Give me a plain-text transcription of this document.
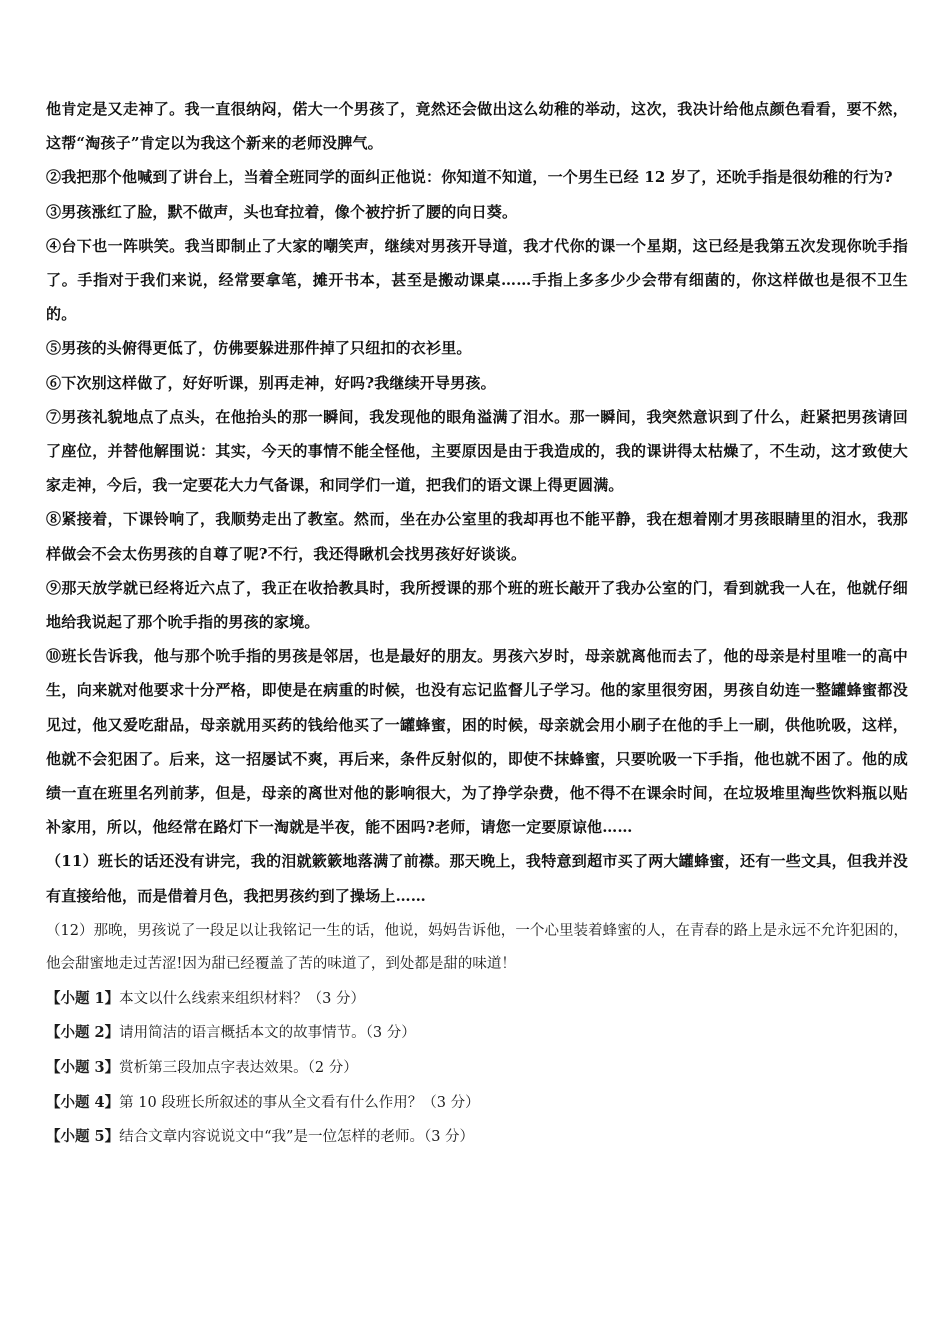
他肯定是又走神了。我一直很纳闷，偌大一个男孩了，竟然还会做出这么幼稚的举动，这次，我决计给他点颜色看看，要不然，这帮“淘孩子”肯定以为我这个新来的老师没脾气。

②我把那个他喊到了讲台上，当着全班同学的面纠正他说：你知道不知道，一个男生已经 12 岁了，还吮手指是很幼稚的行为?

③男孩涨红了脸，默不做声，头也耷拉着，像个被拧折了腰的向日葵。

④台下也一阵哄笑。我当即制止了大家的嘲笑声，继续对男孩开导道，我才代你的课一个星期，这已经是我第五次发现你吮手指了。手指对于我们来说，经常要拿笔，摊开书本，甚至是搬动课桌……手指上多多少少会带有细菌的，你这样做也是很不卫生的。

⑤男孩的头俯得更低了，仿佛要躲进那件掉了只纽扣的衣衫里。

⑥下次别这样做了，好好听课，别再走神，好吗?我继续开导男孩。

⑦男孩礼貌地点了点头，在他抬头的那一瞬间，我发现他的眼角溢满了泪水。那一瞬间，我突然意识到了什么，赶紧把男孩请回了座位，并替他解围说：其实，今天的事情不能全怪他，主要原因是由于我造成的，我的课讲得太枯燥了，不生动，这才致使大家走神，今后，我一定要花大力气备课，和同学们一道，把我们的语文课上得更圆满。

⑧紧接着，下课铃响了，我顺势走出了教室。然而，坐在办公室里的我却再也不能平静，我在想着刚才男孩眼睛里的泪水，我那样做会不会太伤男孩的自尊了呢?不行，我还得瞅机会找男孩好好谈谈。

⑨那天放学就已经将近六点了，我正在收拾教具时，我所授课的那个班的班长敲开了我办公室的门，看到就我一人在，他就仔细地给我说起了那个吮手指的男孩的家境。

⑩班长告诉我，他与那个吮手指的男孩是邻居，也是最好的朋友。男孩六岁时，母亲就离他而去了，他的母亲是村里唯一的高中生，向来就对他要求十分严格，即使是在病重的时候，也没有忘记监督儿子学习。他的家里很穷困，男孩自幼连一整罐蜂蜜都没见过，他又爱吃甜品，母亲就用买药的钱给他买了一罐蜂蜜，困的时候，母亲就会用小刷子在他的手上一刷，供他吮吸，这样，他就不会犯困了。后来，这一招屡试不爽，再后来，条件反射似的，即使不抹蜂蜜，只要吮吸一下手指，他也就不困了。他的成绩一直在班里名列前茅，但是，母亲的离世对他的影响很大，为了挣学杂费，他不得不在课余时间，在垃圾堆里淘些饮料瓶以贴补家用，所以，他经常在路灯下一淘就是半夜，能不困吗?老师，请您一定要原谅他……

（11）班长的话还没有讲完，我的泪就簌簌地落满了前襟。那天晚上，我特意到超市买了两大罐蜂蜜，还有一些文具，但我并没有直接给他，而是借着月色，我把男孩约到了操场上……

（12）那晚，男孩说了一段足以让我铭记一生的话，他说，妈妈告诉他，一个心里装着蜂蜜的人，在青春的路上是永远不允许犯困的，他会甜蜜地走过苦涩!因为甜已经覆盖了苦的味道了，到处都是甜的味道！

【小题 1】本文以什么线索来组织材料？（3 分）

【小题 2】请用简洁的语言概括本文的故事情节。（3 分）

【小题 3】赏析第三段加点字表达效果。（2 分）

【小题 4】第 10 段班长所叙述的事从全文看有什么作用？（3 分）

【小题 5】结合文章内容说说文中“我”是一位怎样的老师。（3 分）
